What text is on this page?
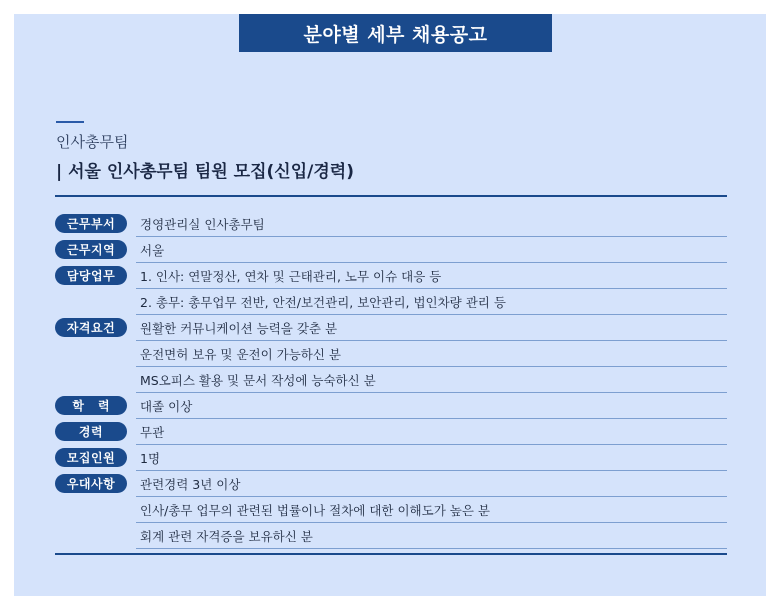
분야별 세부 채용공고
인사총무팀
| 서울 인사총무팀 팀원 모집(신입/경력)
근무부서	경영관리실 인사총무팀
근무지역	서울
담당업무	1. 인사: 연말정산, 연차 및 근태관리, 노무 이슈 대응 등
2. 총무: 총무업무 전반, 안전/보건관리, 보안관리, 법인차량 관리 등
자격요건	원활한 커뮤니케이션 능력을 갖춘 분
운전면허 보유 및 운전이 가능하신 분
MS오피스 활용 및 문서 작성에 능숙하신 분
학력	대졸 이상
경력	무관
모집인원	1명
우대사항	관련경력 3년 이상
인사/총무 업무의 관련된 법률이나 절차에 대한 이해도가 높은 분
회계 관련 자격증을 보유하신 분
